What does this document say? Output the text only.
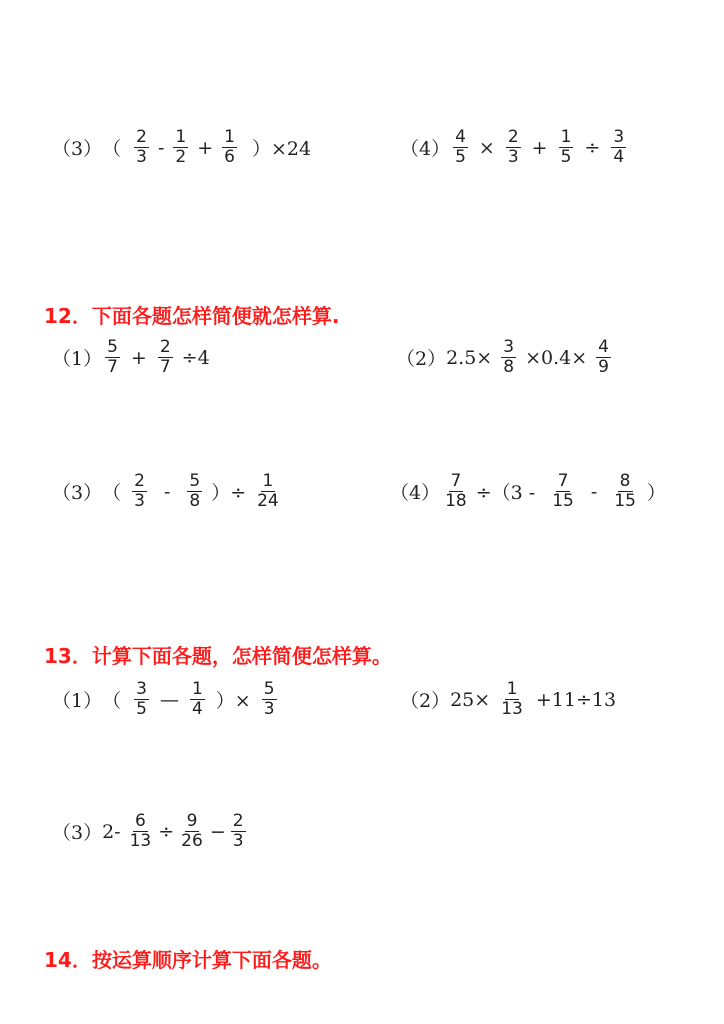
（3） （ $\frac{2}{3} - \frac{1}{2} + \frac{1}{6} )\times 24$	$(4) \frac{4}{5} \times \frac{2}{3} + \frac{1}{5} \div \frac{3}{4}$
12．下面各题怎样简便就怎样算.
$(1) \frac{5}{7} + \frac{2}{7} \div 4$	（2） $2.5\times \frac{3}{8} \times 0.4\times \frac{4}{9}$
（3） （ $\frac{2}{3} - \frac{5}{8}$ ）÷ $\frac{1}{24}$	$(4) \frac{7}{18} \div(3 - \frac{7}{15} - \frac{8}{15}$ ）
13．计算下面各题，怎样简便怎样算。
（1） （ $\frac{3}{5}$ — $\frac{1}{4}$ ）× $\frac{5}{3}$	（2） $25\times \frac{1}{13} +11\div 13$
（3） $2- \frac{6}{13} \div \frac{9}{26} - \frac{2}{3}$
14．按运算顺序计算下面各题。
